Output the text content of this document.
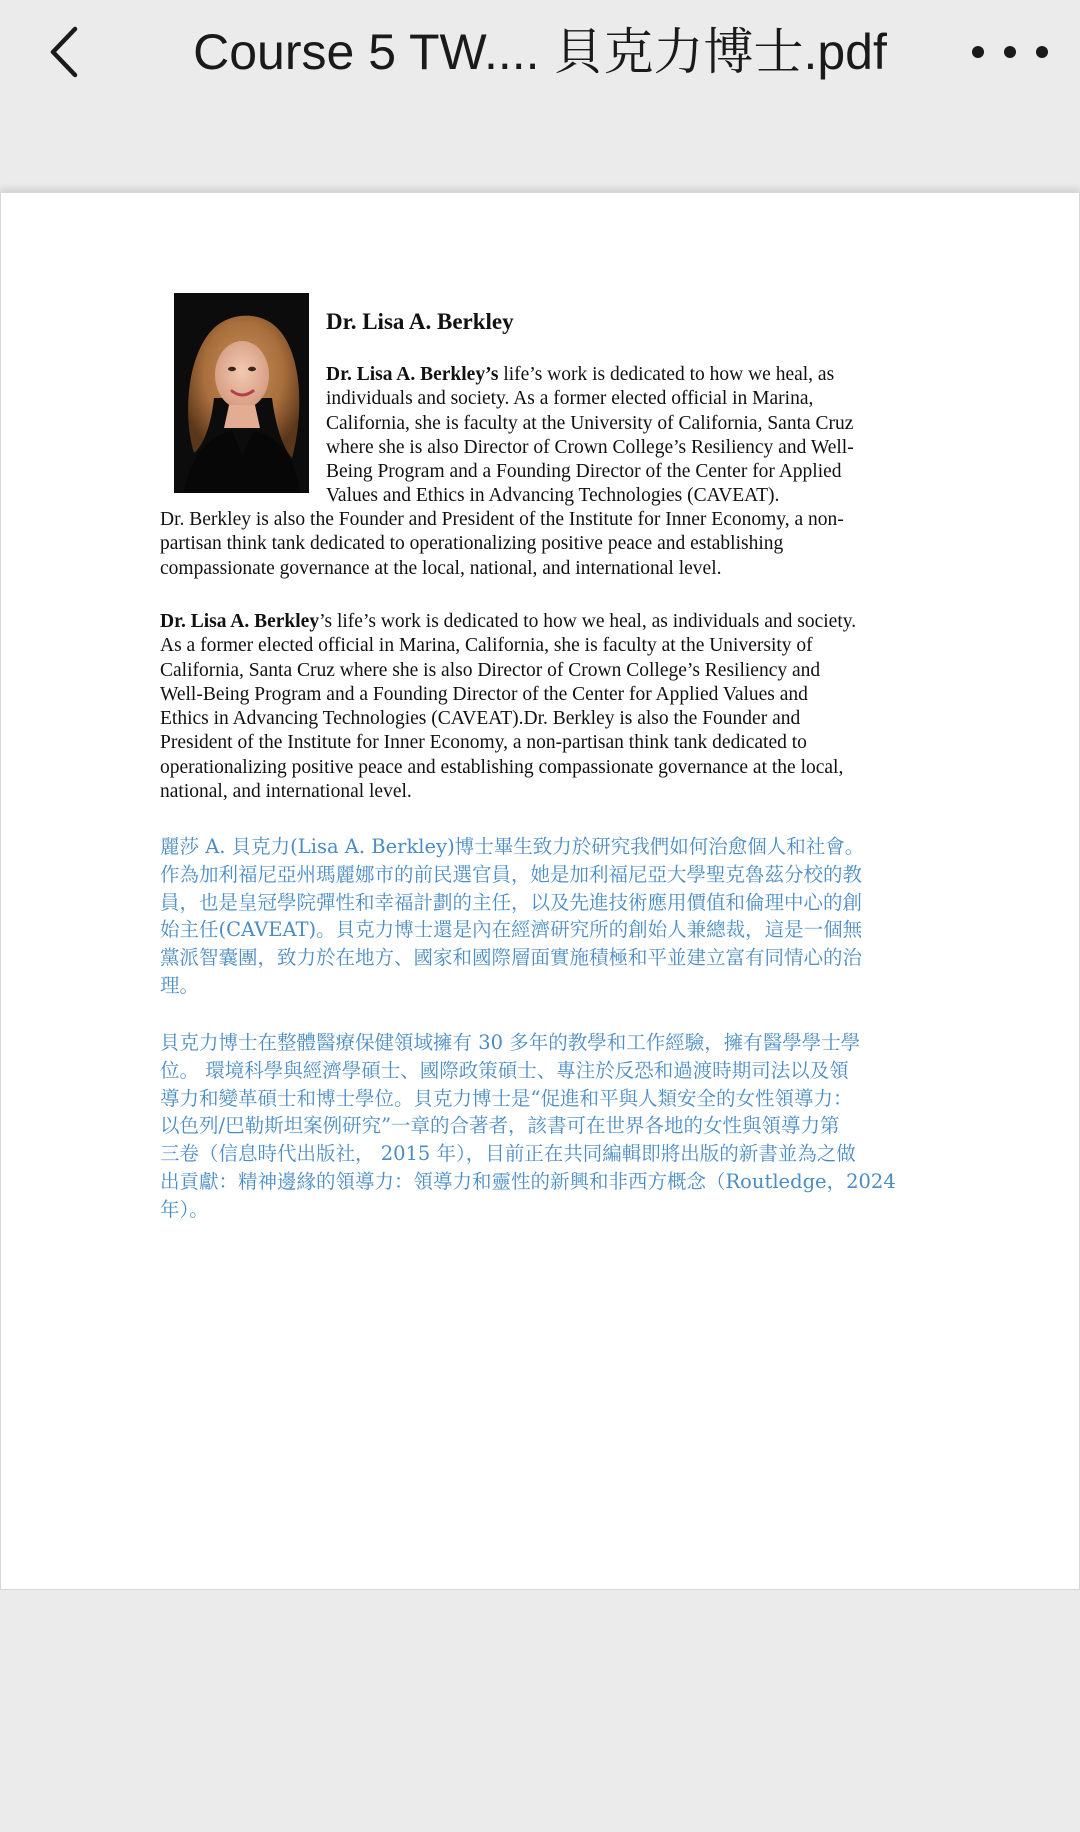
Course 5 TW.... 貝克力博士.pdf
Dr. Lisa A. Berkley
Dr. Lisa A. Berkley’s life’s work is dedicated to how we heal, as
individuals and society. As a former elected official in Marina,
California, she is faculty at the University of California, Santa Cruz
where she is also Director of Crown College’s Resiliency and Well-
Being Program and a Founding Director of the Center for Applied
Values and Ethics in Advancing Technologies (CAVEAT).
Dr. Berkley is also the Founder and President of the Institute for Inner Economy, a non-
partisan think tank dedicated to operationalizing positive peace and establishing
compassionate governance at the local, national, and international level.
Dr. Lisa A. Berkley’s life’s work is dedicated to how we heal, as individuals and society.
As a former elected official in Marina, California, she is faculty at the University of
California, Santa Cruz where she is also Director of Crown College’s Resiliency and
Well-Being Program and a Founding Director of the Center for Applied Values and
Ethics in Advancing Technologies (CAVEAT).Dr. Berkley is also the Founder and
President of the Institute for Inner Economy, a non-partisan think tank dedicated to
operationalizing positive peace and establishing compassionate governance at the local,
national, and international level.
麗莎 A. 貝克力(Lisa A. Berkley)博士畢生致力於研究我們如何治愈個人和社會。
作為加利福尼亞州瑪麗娜市的前民選官員，她是加利福尼亞大學聖克魯茲分校的教
員，也是皇冠學院彈性和幸福計劃的主任，以及先進技術應用價值和倫理中心的創
始主任(CAVEAT)。貝克力博士還是內在經濟研究所的創始人兼總裁，這是一個無
黨派智囊團，致力於在地方、國家和國際層面實施積極和平並建立富有同情心的治
理。
貝克力博士在整體醫療保健領域擁有 30 多年的教學和工作經驗，擁有醫學學士學
位。 環境科學與經濟學碩士、國際政策碩士、專注於反恐和過渡時期司法以及領
導力和變革碩士和博士學位。貝克力博士是“促進和平與人類安全的女性領導力：
以色列/巴勒斯坦案例研究”一章的合著者，該書可在世界各地的女性與領導力第
三卷（信息時代出版社， 2015 年），目前正在共同編輯即將出版的新書並為之做
出貢獻：精神邊緣的領導力：領導力和靈性的新興和非西方概念（Routledge，2024
年）。
